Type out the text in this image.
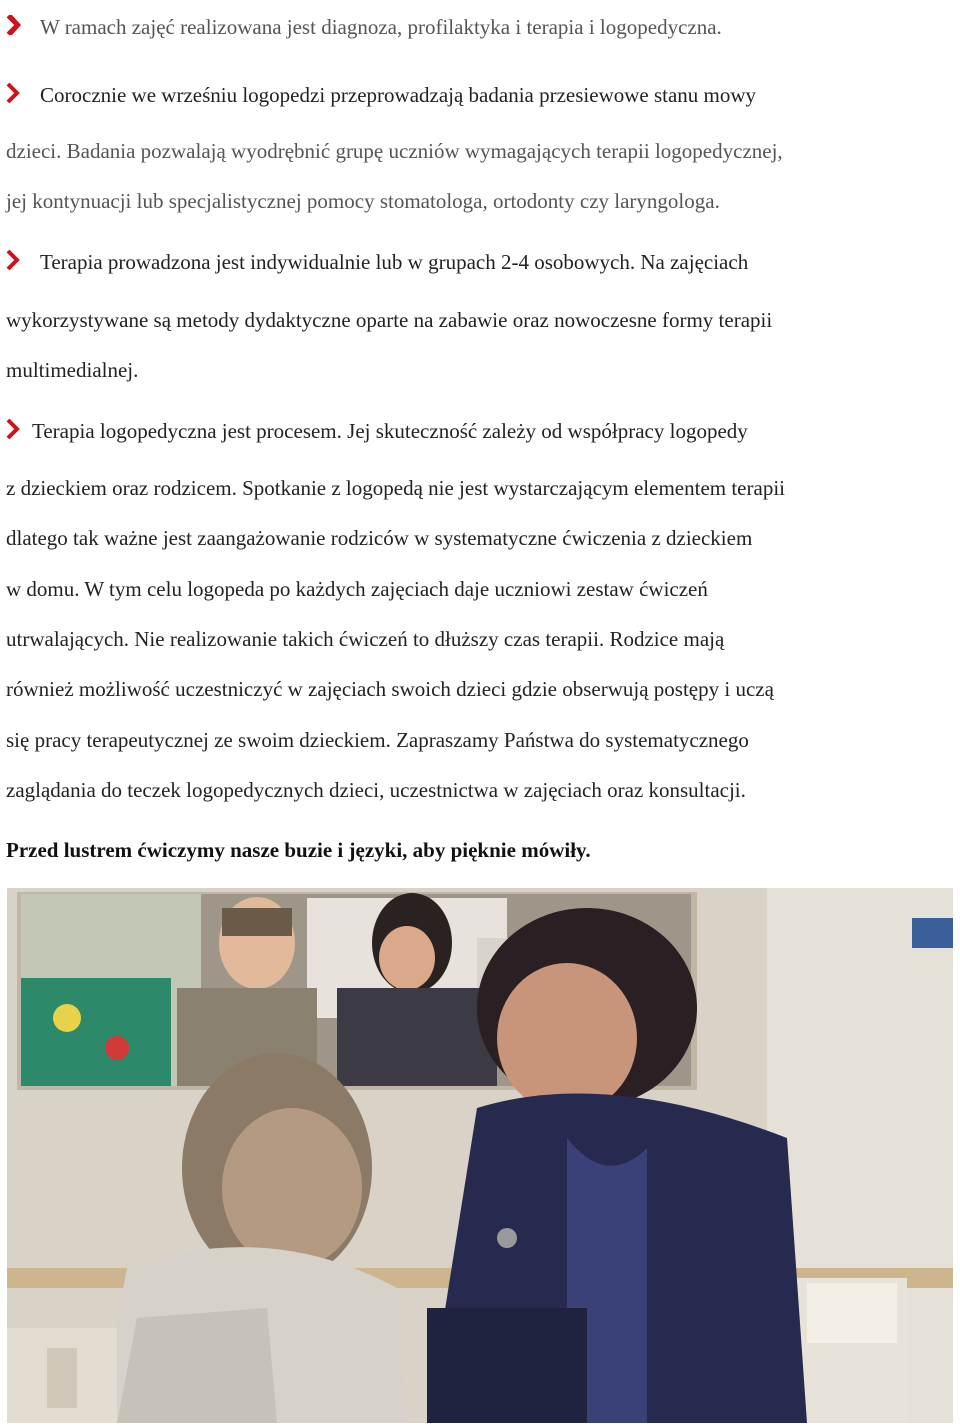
W ramach zajęć realizowana jest diagnoza, profilaktyka i terapia i logopedyczna.
Corocznie we wrześniu logopedzi przeprowadzają badania przesiewowe stanu mowy
dzieci. Badania pozwalają wyodrębnić grupę uczniów wymagających terapii logopedycznej,
jej kontynuacji lub specjalistycznej pomocy stomatologa, ortodonty czy laryngologa.
Terapia prowadzona jest indywidualnie lub w grupach 2-4 osobowych. Na zajęciach
wykorzystywane są metody dydaktyczne oparte na zabawie oraz nowoczesne formy terapii
multimedialnej.
Terapia logopedyczna jest procesem. Jej skuteczność zależy od współpracy logopedy
z dzieckiem oraz rodzicem. Spotkanie z logopedą nie jest wystarczającym elementem terapii
dlatego tak ważne jest zaangażowanie rodziców w systematyczne ćwiczenia z dzieckiem
w domu. W tym celu logopeda po każdych zajęciach daje uczniowi zestaw ćwiczeń
utrwalających. Nie realizowanie takich ćwiczeń to dłuższy czas terapii. Rodzice mają
również możliwość uczestniczyć w zajęciach swoich dzieci gdzie obserwują postępy i uczą
się pracy terapeutycznej ze swoim dzieckiem. Zapraszamy Państwa do systematycznego
zaglądania do teczek logopedycznych dzieci, uczestnictwa w zajęciach oraz konsultacji.
Przed lustrem ćwiczymy nasze buzie i języki, aby pięknie mówiły.
